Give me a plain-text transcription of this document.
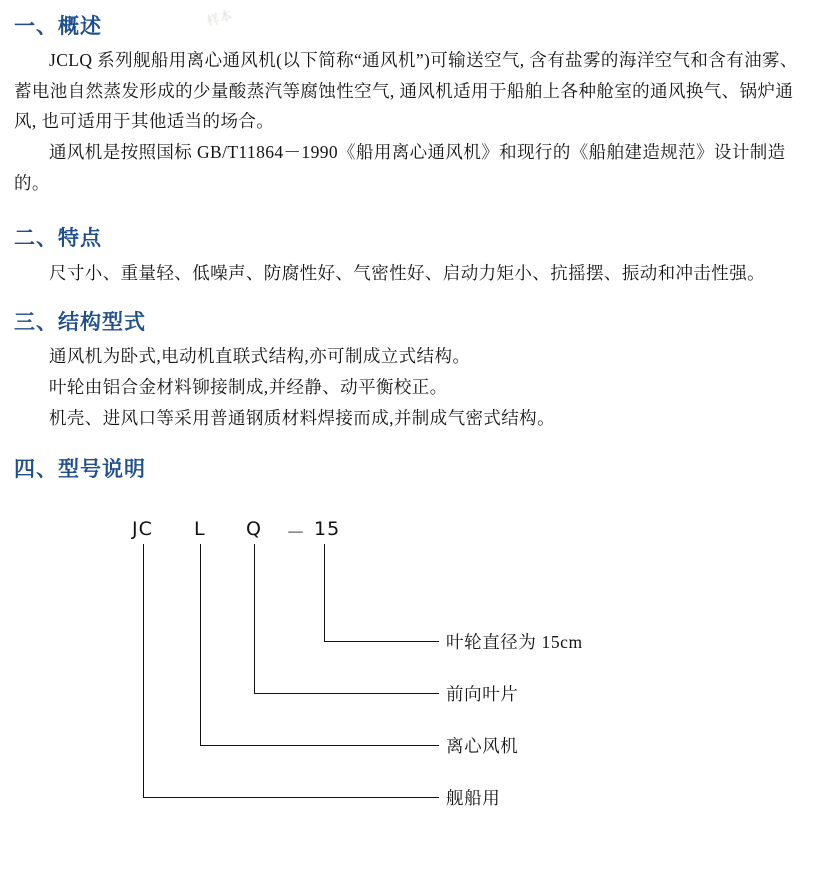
样本
一、概述

JCLQ 系列舰船用离心通风机(以下简称“通风机”)可输送空气, 含有盐雾的海洋空气和含有油雾、蓄电池自然蒸发形成的少量酸蒸汽等腐蚀性空气, 通风机适用于船舶上各种舱室的通风换气、锅炉通风, 也可适用于其他适当的场合。

通风机是按照国标 GB/T11864－1990《船用离心通风机》和现行的《船舶建造规范》设计制造的。

二、特点

尺寸小、重量轻、低噪声、防腐性好、气密性好、启动力矩小、抗摇摆、振动和冲击性强。

三、结构型式

通风机为卧式,电动机直联式结构,亦可制成立式结构。

叶轮由铝合金材料铆接制成,并经静、动平衡校正。

机壳、进风口等采用普通钢质材料焊接而成,并制成气密式结构。

四、型号说明
JC L Q － 15
叶轮直径为 15cm
前向叶片
离心风机
舰船用
